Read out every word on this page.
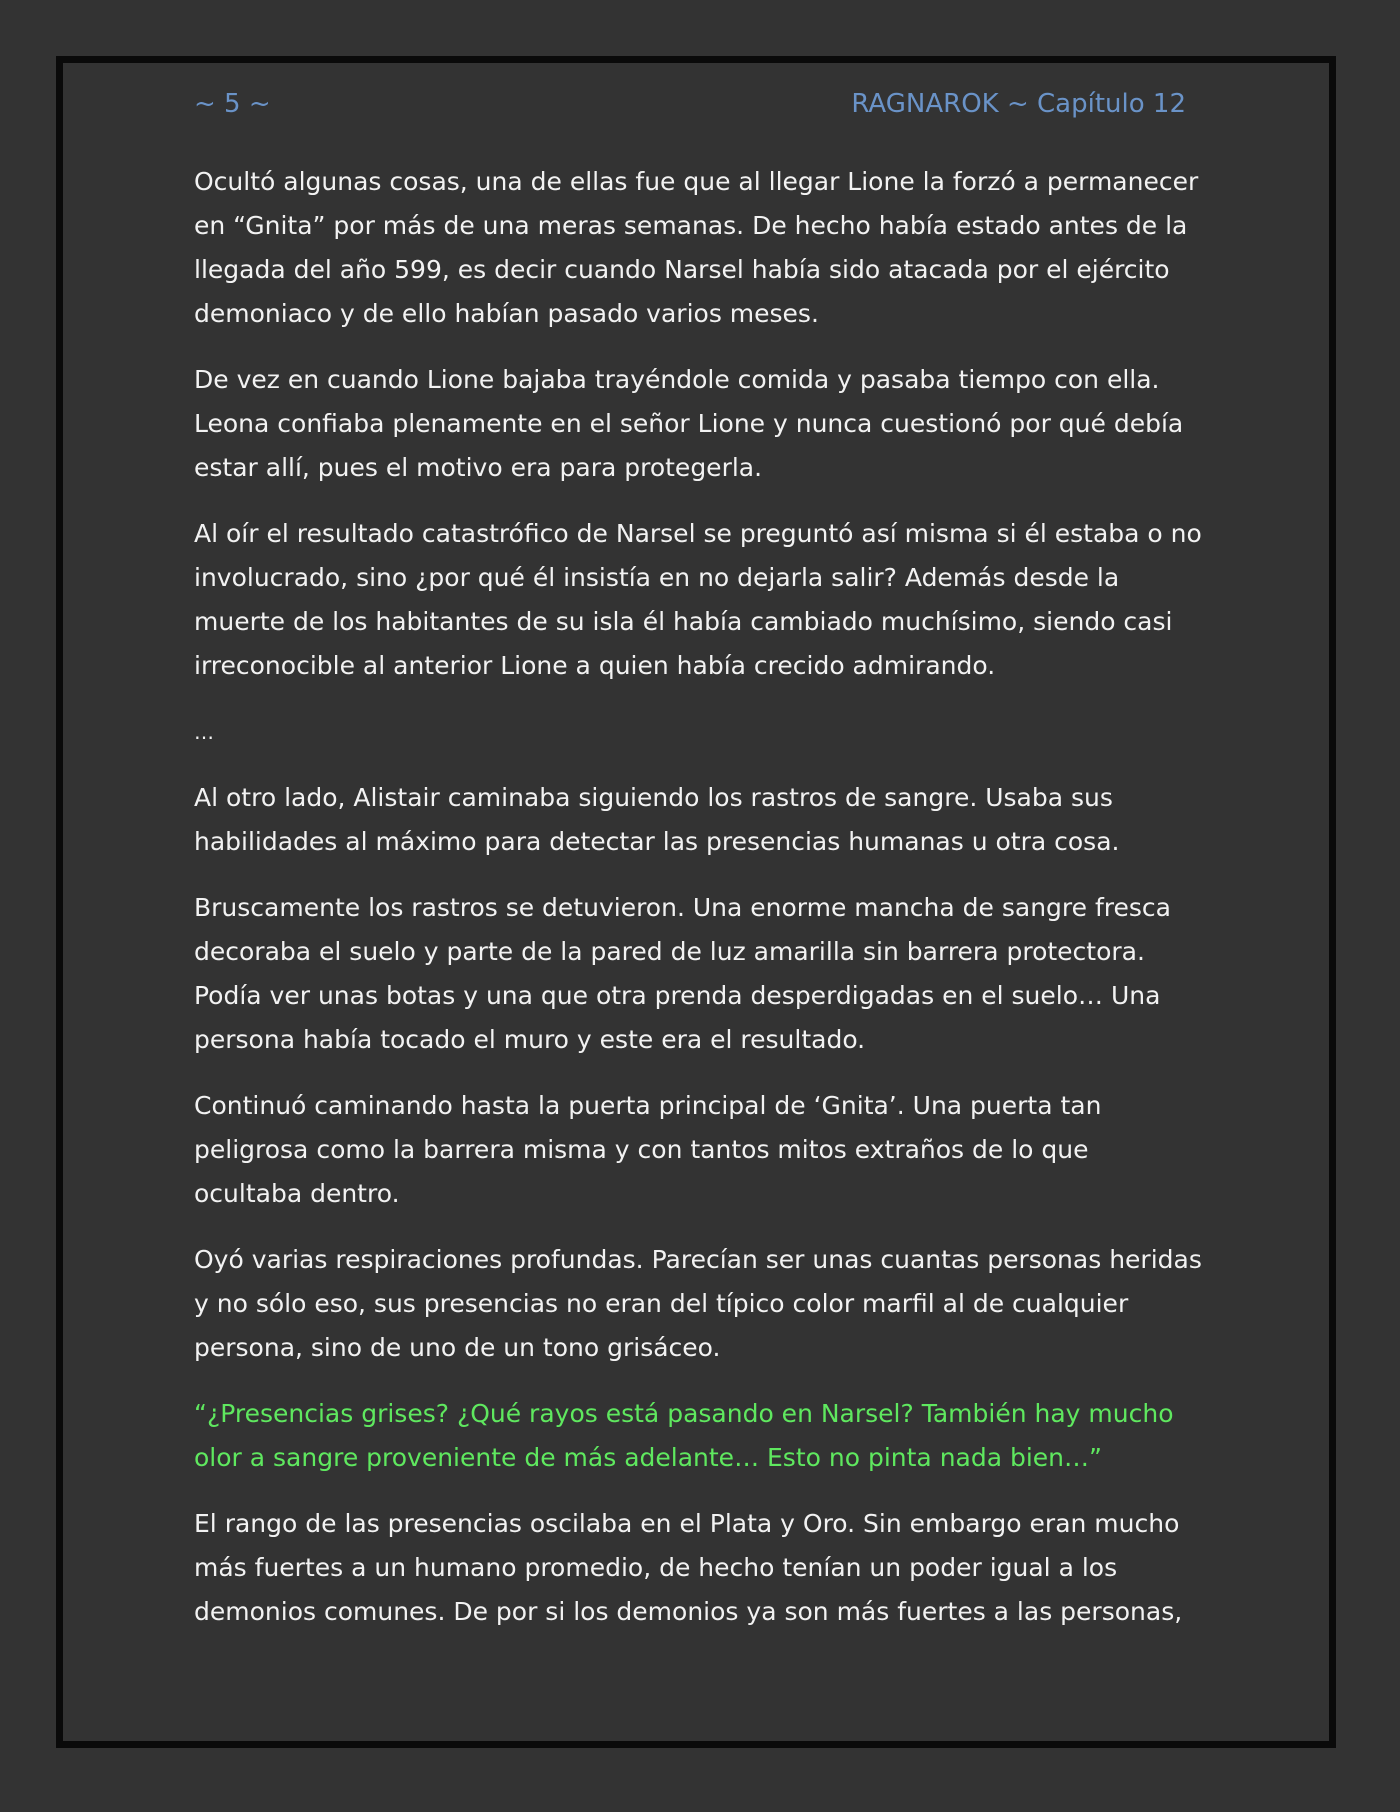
~ 5 ~	RAGNAROK ~ Capítulo 12

Ocultó algunas cosas, una de ellas fue que al llegar Lione la forzó a permanecer en “Gnita” por más de una meras semanas. De hecho había estado antes de la llegada del año 599, es decir cuando Narsel había sido atacada por el ejército demoniaco y de ello habían pasado varios meses.

De vez en cuando Lione bajaba trayéndole comida y pasaba tiempo con ella. Leona confiaba plenamente en el señor Lione y nunca cuestionó por qué debía estar allí, pues el motivo era para protegerla.

Al oír el resultado catastrófico de Narsel se preguntó así misma si él estaba o no involucrado, sino ¿por qué él insistía en no dejarla salir? Además desde la muerte de los habitantes de su isla él había cambiado muchísimo, siendo casi irreconocible al anterior Lione a quien había crecido admirando.

…

Al otro lado, Alistair caminaba siguiendo los rastros de sangre. Usaba sus habilidades al máximo para detectar las presencias humanas u otra cosa.

Bruscamente los rastros se detuvieron. Una enorme mancha de sangre fresca decoraba el suelo y parte de la pared de luz amarilla sin barrera protectora. Podía ver unas botas y una que otra prenda desperdigadas en el suelo… Una persona había tocado el muro y este era el resultado.

Continuó caminando hasta la puerta principal de ‘Gnita’. Una puerta tan peligrosa como la barrera misma y con tantos mitos extraños de lo que ocultaba dentro.

Oyó varias respiraciones profundas. Parecían ser unas cuantas personas heridas y no sólo eso, sus presencias no eran del típico color marfil al de cualquier persona, sino de uno de un tono grisáceo.

“¿Presencias grises? ¿Qué rayos está pasando en Narsel? También hay mucho olor a sangre proveniente de más adelante… Esto no pinta nada bien…”

El rango de las presencias oscilaba en el Plata y Oro. Sin embargo eran mucho más fuertes a un humano promedio, de hecho tenían un poder igual a los demonios comunes. De por si los demonios ya son más fuertes a las personas,
